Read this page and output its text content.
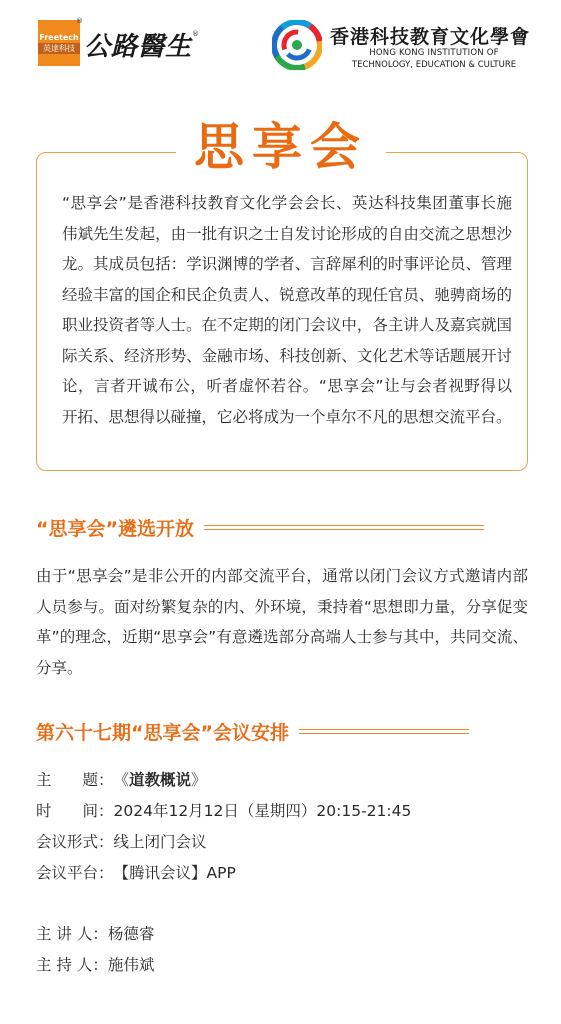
Freetech
英達科技
®
公路醫生 ®	香港科技教育文化學會
HONG KONG INSTITUTION OF
TECHNOLOGY, EDUCATION & CULTURE
思享会

“思享会”是香港科技教育文化学会会长、英达科技集团董事长施伟斌先生发起，由一批有识之士自发讨论形成的自由交流之思想沙龙。其成员包括：学识渊博的学者、言辞犀利的时事评论员、管理经验丰富的国企和民企负责人、锐意改革的现任官员、驰骋商场的职业投资者等人士。在不定期的闭门会议中，各主讲人及嘉宾就国际关系、经济形势、金融市场、科技创新、文化艺术等话题展开讨论，言者开诚布公，听者虚怀若谷。“思享会”让与会者视野得以开拓、思想得以碰撞，它必将成为一个卓尔不凡的思想交流平台。

“思享会”遴选开放

由于“思享会”是非公开的内部交流平台，通常以闭门会议方式邀请内部人员参与。面对纷繁复杂的内、外环境，秉持着“思想即力量，分享促变革”的理念，近期“思享会”有意遴选部分高端人士参与其中，共同交流、分享。

第六十七期“思享会”会议安排
主　　题： 《 道教概说 》
时　　间： 2024年12月12日（星期四）20:15-21:45
会议形式： 线上闭门会议
会议平台： 【腾讯会议】APP
主 讲 人： 杨德睿
主 持 人： 施伟斌
